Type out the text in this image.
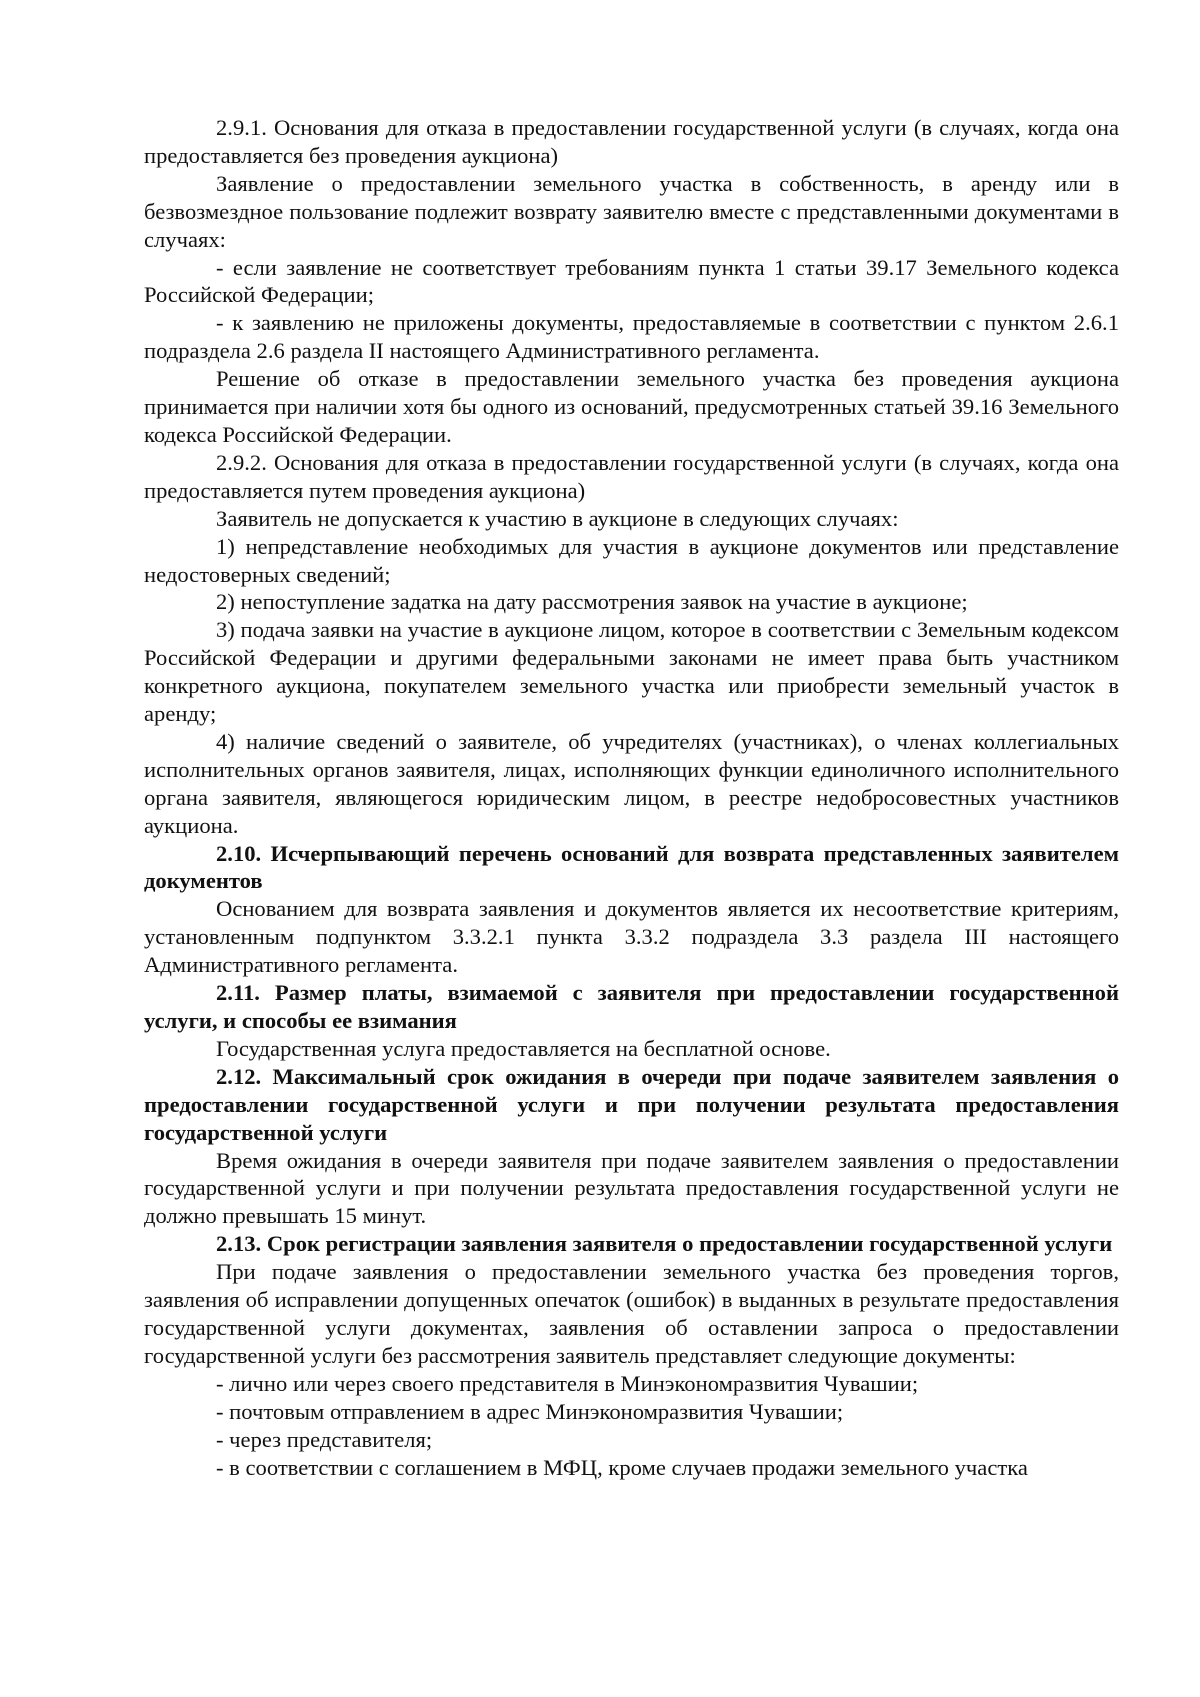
2.9.1. Основания для отказа в предоставлении государственной услуги (в случаях, когда она предоставляется без проведения аукциона)

Заявление о предоставлении земельного участка в собственность, в аренду или в безвозмездное пользование подлежит возврату заявителю вместе с представленными документами в случаях:

- если заявление не соответствует требованиям пункта 1 статьи 39.17 Земельного кодекса Российской Федерации;

- к заявлению не приложены документы, предоставляемые в соответствии с пунктом 2.6.1 подраздела 2.6 раздела II настоящего Административного регламента.

Решение об отказе в предоставлении земельного участка без проведения аукциона принимается при наличии хотя бы одного из оснований, предусмотренных статьей 39.16 Земельного кодекса Российской Федерации.

2.9.2. Основания для отказа в предоставлении государственной услуги (в случаях, когда она предоставляется путем проведения аукциона)

Заявитель не допускается к участию в аукционе в следующих случаях:

1) непредставление необходимых для участия в аукционе документов или представление недостоверных сведений;

2) непоступление задатка на дату рассмотрения заявок на участие в аукционе;

3) подача заявки на участие в аукционе лицом, которое в соответствии с Земельным кодексом Российской Федерации и другими федеральными законами не имеет права быть участником конкретного аукциона, покупателем земельного участка или приобрести земельный участок в аренду;

4) наличие сведений о заявителе, об учредителях (участниках), о членах коллегиальных исполнительных органов заявителя, лицах, исполняющих функции единоличного исполнительного органа заявителя, являющегося юридическим лицом, в реестре недобросовестных участников аукциона.

2.10. Исчерпывающий перечень оснований для возврата представленных заявителем документов

Основанием для возврата заявления и документов является их несоответствие критериям, установленным подпунктом 3.3.2.1 пункта 3.3.2 подраздела 3.3 раздела III настоящего Административного регламента.

2.11. Размер платы, взимаемой с заявителя при предоставлении государственной услуги, и способы ее взимания

Государственная услуга предоставляется на бесплатной основе.

2.12. Максимальный срок ожидания в очереди при подаче заявителем заявления о предоставлении государственной услуги и при получении результата предоставления государственной услуги

Время ожидания в очереди заявителя при подаче заявителем заявления о предоставлении государственной услуги и при получении результата предоставления государственной услуги не должно превышать 15 минут.

2.13. Срок регистрации заявления заявителя о предоставлении государственной услуги

При подаче заявления о предоставлении земельного участка без проведения торгов, заявления об исправлении допущенных опечаток (ошибок) в выданных в результате предоставления государственной услуги документах, заявления об оставлении запроса о предоставлении государственной услуги без рассмотрения заявитель представляет следующие документы:

- лично или через своего представителя в Минэкономразвития Чувашии;

- почтовым отправлением в адрес Минэкономразвития Чувашии;

- через представителя;

- в соответствии с соглашением в МФЦ, кроме случаев продажи земельного участка
